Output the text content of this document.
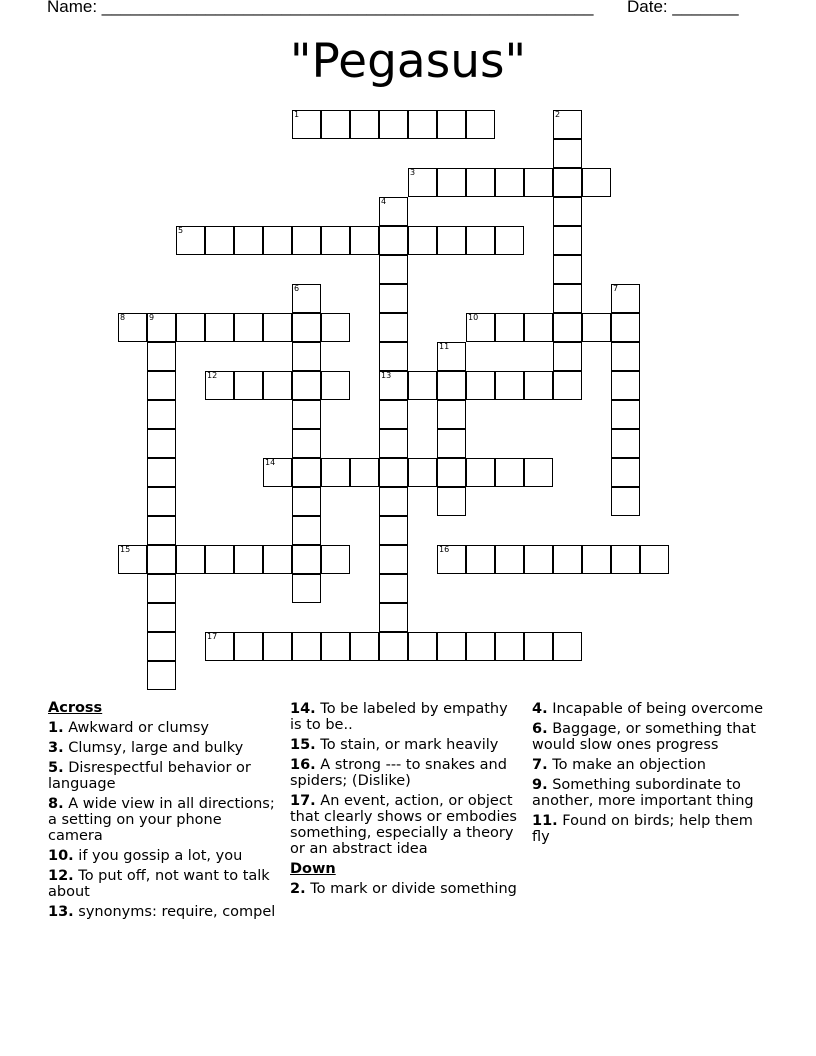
Name: ____________________________________________________ Date: _______
"Pegasus"
1	2
3
4
13
5
6	7
8	9	10
11
12
14
15	16
17
Across
1. Awkward or clumsy
3. Clumsy, large and bulky
5. Disrespectful behavior or language
8. A wide view in all directions; a setting on your phone camera
10. if you gossip a lot, you
12. To put off, not want to talk about
13. synonyms: require, compel
14. To be labeled by empathy is to be..
15. To stain, or mark heavily
16. A strong --- to snakes and spiders; (Dislike)
17. An event, action, or object that clearly shows or embodies something, especially a theory or an abstract idea
Down
2. To mark or divide something
4. Incapable of being overcome
6. Baggage, or something that would slow ones progress
7. To make an objection
9. Something subordinate to another, more important thing
11. Found on birds; help them fly
